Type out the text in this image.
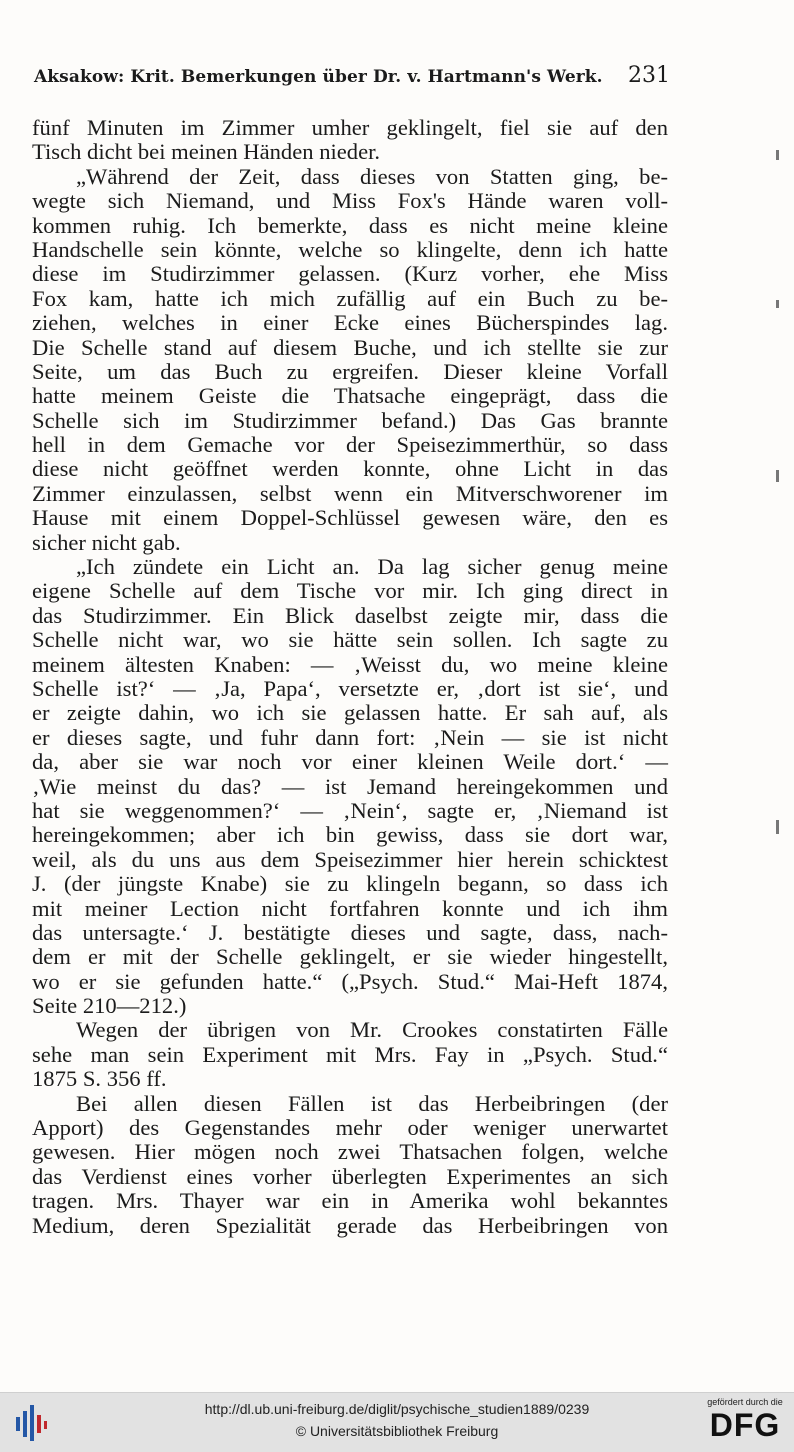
Aksakow: Krit. Bemerkungen über Dr. v. Hartmann's Werk. 231
fünf Minuten im Zimmer umher geklingelt, fiel sie auf den
Tisch dicht bei meinen Händen nieder.
„Während der Zeit, dass dieses von Statten ging, be-
wegte sich Niemand, und Miss Fox's Hände waren voll-
kommen ruhig. Ich bemerkte, dass es nicht meine kleine
Handschelle sein könnte, welche so klingelte, denn ich hatte
diese im Studirzimmer gelassen. (Kurz vorher, ehe Miss
Fox kam, hatte ich mich zufällig auf ein Buch zu be-
ziehen, welches in einer Ecke eines Bücherspindes lag.
Die Schelle stand auf diesem Buche, und ich stellte sie zur
Seite, um das Buch zu ergreifen. Dieser kleine Vorfall
hatte meinem Geiste die Thatsache eingeprägt, dass die
Schelle sich im Studirzimmer befand.) Das Gas brannte
hell in dem Gemache vor der Speisezimmerthür, so dass
diese nicht geöffnet werden konnte, ohne Licht in das
Zimmer einzulassen, selbst wenn ein Mitverschworener im
Hause mit einem Doppel-Schlüssel gewesen wäre, den es
sicher nicht gab.
„Ich zündete ein Licht an. Da lag sicher genug meine
eigene Schelle auf dem Tische vor mir. Ich ging direct in
das Studirzimmer. Ein Blick daselbst zeigte mir, dass die
Schelle nicht war, wo sie hätte sein sollen. Ich sagte zu
meinem ältesten Knaben: — ‚Weisst du, wo meine kleine
Schelle ist?‘ — ‚Ja, Papa‘, versetzte er, ‚dort ist sie‘, und
er zeigte dahin, wo ich sie gelassen hatte. Er sah auf, als
er dieses sagte, und fuhr dann fort: ‚Nein — sie ist nicht
da, aber sie war noch vor einer kleinen Weile dort.‘ —
‚Wie meinst du das? — ist Jemand hereingekommen und
hat sie weggenommen?‘ — ‚Nein‘, sagte er, ‚Niemand ist
hereingekommen; aber ich bin gewiss, dass sie dort war,
weil, als du uns aus dem Speisezimmer hier herein schicktest
J. (der jüngste Knabe) sie zu klingeln begann, so dass ich
mit meiner Lection nicht fortfahren konnte und ich ihm
das untersagte.‘ J. bestätigte dieses und sagte, dass, nach-
dem er mit der Schelle geklingelt, er sie wieder hingestellt,
wo er sie gefunden hatte.“ („Psych. Stud.“ Mai-Heft 1874,
Seite 210—212.)
Wegen der übrigen von Mr. Crookes constatirten Fälle
sehe man sein Experiment mit Mrs. Fay in „Psych. Stud.“
1875 S. 356 ff.
Bei allen diesen Fällen ist das Herbeibringen (der
Apport) des Gegenstandes mehr oder weniger unerwartet
gewesen. Hier mögen noch zwei Thatsachen folgen, welche
das Verdienst eines vorher überlegten Experimentes an sich
tragen. Mrs. Thayer war ein in Amerika wohl bekanntes
Medium, deren Spezialität gerade das Herbeibringen von
http://dl.ub.uni-freiburg.de/diglit/psychische_studien1889/0239
© Universitätsbibliothek Freiburg
gefördert durch die
DFG
